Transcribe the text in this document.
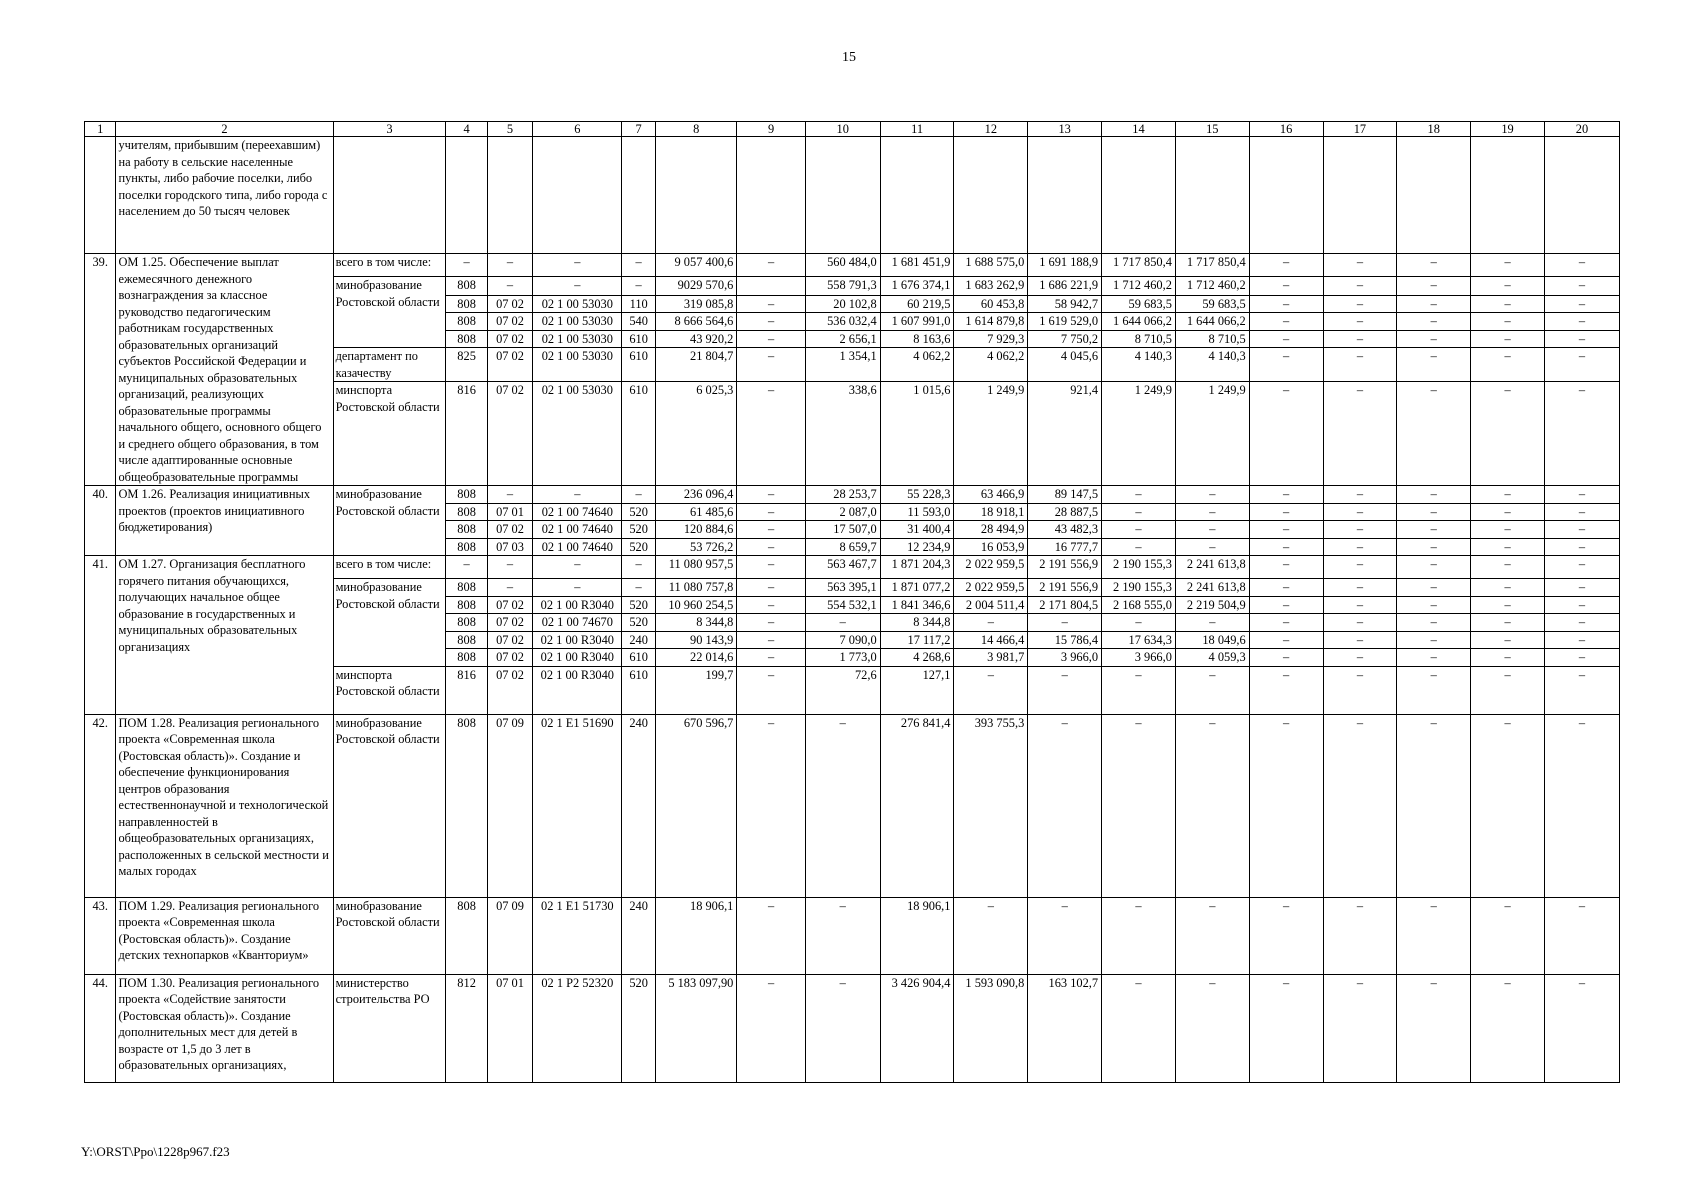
15
1	2	3	4	5	6	7	8	9	10	11	12	13	14	15	16	17	18	19	20
	учителям, прибывшим (переехавшим) на работу в сельские населенные пункты, либо рабочие поселки, либо поселки городского типа, либо города с населением до 50 тысяч человек																		
39.	ОМ 1.25. Обеспечение выплат ежемесячного денежного вознаграждения за классное руководство педагогическим работникам государственных образовательных организаций субъектов Российской Федерации и муниципальных образовательных организаций, реализующих образовательные программы начального общего, основного общего и среднего общего образования, в том числе адаптированные основные общеобразовательные программы	всего в том числе:	–	–	–	–	9 057 400,6	–	560 484,0	1 681 451,9	1 688 575,0	1 691 188,9	1 717 850,4	1 717 850,4	–	–	–	–	–
		минобразование Ростовской области	808	–	–	–	9029 570,6		558 791,3	1 676 374,1	1 683 262,9	1 686 221,9	1 712 460,2	1 712 460,2	–	–	–	–	–
			808	07 02	02 1 00 53030	110	319 085,8	–	20 102,8	60 219,5	60 453,8	58 942,7	59 683,5	59 683,5	–	–	–	–	–
			808	07 02	02 1 00 53030	540	8 666 564,6	–	536 032,4	1 607 991,0	1 614 879,8	1 619 529,0	1 644 066,2	1 644 066,2	–	–	–	–	–
			808	07 02	02 1 00 53030	610	43 920,2	–	2 656,1	8 163,6	7 929,3	7 750,2	8 710,5	8 710,5	–	–	–	–	–
		департамент по казачеству	825	07 02	02 1 00 53030	610	21 804,7	–	1 354,1	4 062,2	4 062,2	4 045,6	4 140,3	4 140,3	–	–	–	–	–
		минспорта Ростовской области	816	07 02	02 1 00 53030	610	6 025,3	–	338,6	1 015,6	1 249,9	921,4	1 249,9	1 249,9	–	–	–	–	–
40.	ОМ 1.26. Реализация инициативных проектов (проектов инициативного бюджетирования)	минобразование Ростовской области	808	–	–	–	236 096,4	–	28 253,7	55 228,3	63 466,9	89 147,5	–	–	–	–	–	–	–
			808	07 01	02 1 00 74640	520	61 485,6	–	2 087,0	11 593,0	18 918,1	28 887,5	–	–	–	–	–	–	–
			808	07 02	02 1 00 74640	520	120 884,6	–	17 507,0	31 400,4	28 494,9	43 482,3	–	–	–	–	–	–	–
			808	07 03	02 1 00 74640	520	53 726,2	–	8 659,7	12 234,9	16 053,9	16 777,7	–	–	–	–	–	–	–
41.	ОМ 1.27. Организация бесплатного горячего питания обучающихся, получающих начальное общее образование в государственных и муниципальных образовательных организациях	всего в том числе:	–	–	–	–	11 080 957,5	–	563 467,7	1 871 204,3	2 022 959,5	2 191 556,9	2 190 155,3	2 241 613,8	–	–	–	–	–
		минобразование Ростовской области	808	–	–	–	11 080 757,8	–	563 395,1	1 871 077,2	2 022 959,5	2 191 556,9	2 190 155,3	2 241 613,8	–	–	–	–	–
			808	07 02	02 1 00 R3040	520	10 960 254,5	–	554 532,1	1 841 346,6	2 004 511,4	2 171 804,5	2 168 555,0	2 219 504,9	–	–	–	–	–
			808	07 02	02 1 00 74670	520	8 344,8	–	–	8 344,8	–	–	–	–	–	–	–	–	–
			808	07 02	02 1 00 R3040	240	90 143,9	–	7 090,0	17 117,2	14 466,4	15 786,4	17 634,3	18 049,6	–	–	–	–	–
			808	07 02	02 1 00 R3040	610	22 014,6	–	1 773,0	4 268,6	3 981,7	3 966,0	3 966,0	4 059,3	–	–	–	–	–
		минспорта Ростовской области	816	07 02	02 1 00 R3040	610	199,7	–	72,6	127,1	–	–	–	–	–	–	–	–	–
42.	ПОМ 1.28. Реализация регионального проекта «Современная школа (Ростовская область)». Создание и обеспечение функционирования центров образования естественнонаучной и технологической направленностей в общеобразовательных организациях, расположенных в сельской местности и малых городах	минобразование Ростовской области	808	07 09	02 1 Е1 51690	240	670 596,7	–	–	276 841,4	393 755,3	–	–	–	–	–	–	–	–
43.	ПОМ 1.29. Реализация регионального проекта «Современная школа (Ростовская область)». Создание детских технопарков «Кванториум»	минобразование Ростовской области	808	07 09	02 1 Е1 51730	240	18 906,1	–	–	18 906,1	–	–	–	–	–	–	–	–	–
44.	ПОМ 1.30. Реализация регионального проекта «Содействие занятости (Ростовская область)». Создание дополнительных мест для детей в возрасте от 1,5 до 3 лет в образовательных организациях,	министерство строительства РО	812	07 01	02 1 Р2 52320	520	5 183 097,90	–	–	3 426 904,4	1 593 090,8	163 102,7	–	–	–	–	–	–	–
Y:\ORST\Ppo\1228p967.f23
